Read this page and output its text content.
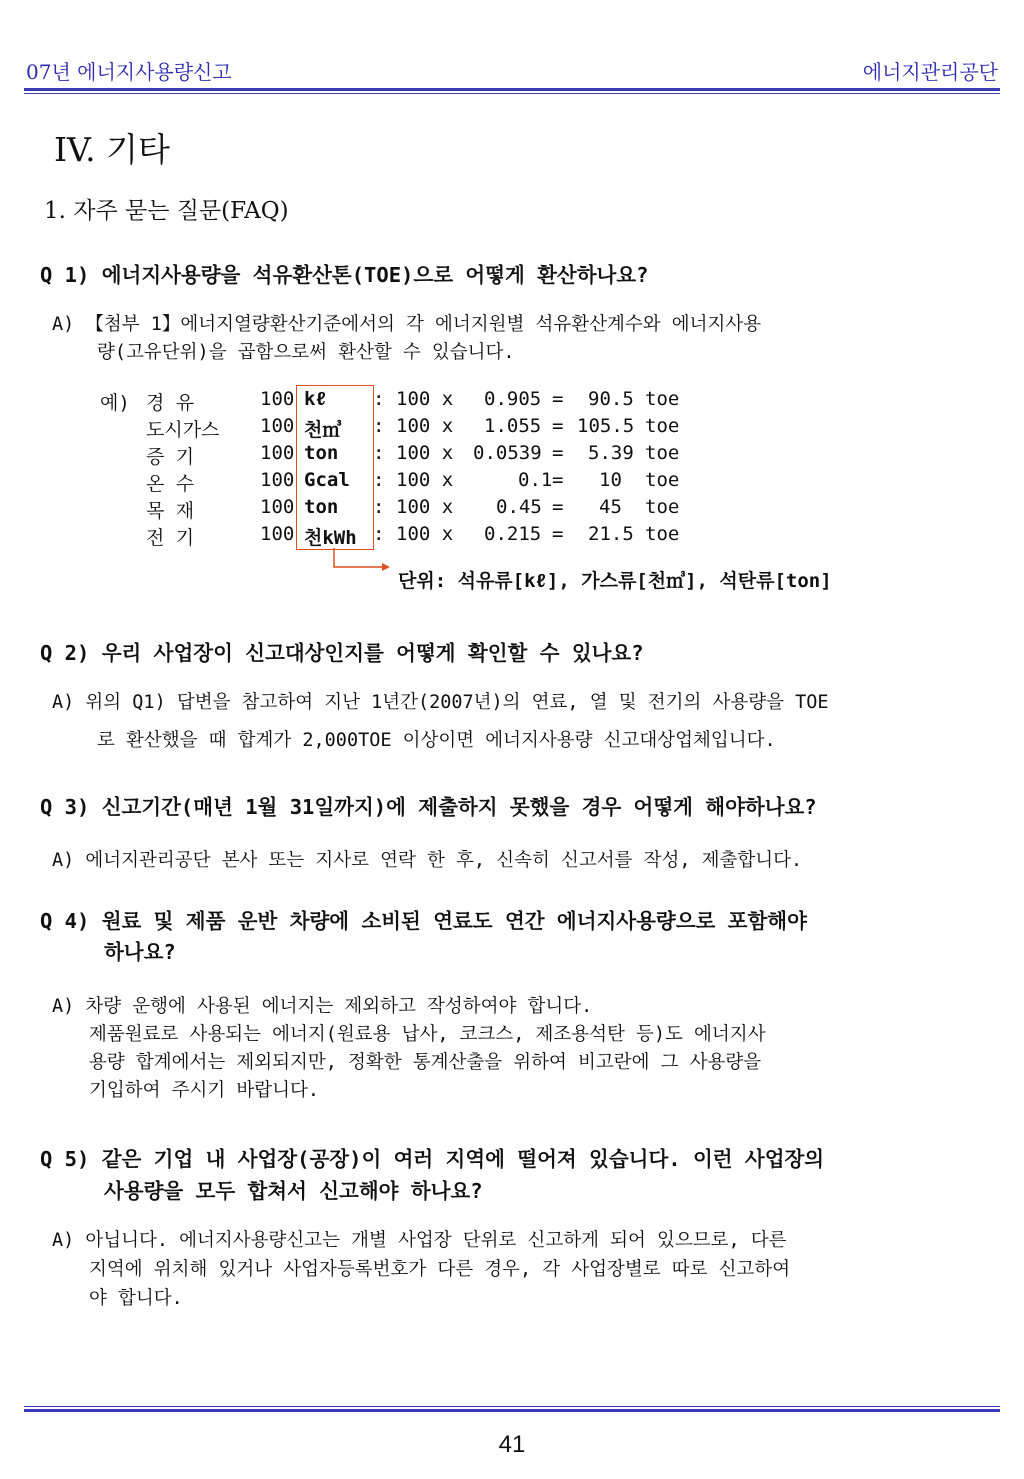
07년 에너지사용량신고	에너지관리공단
IV. 기타
1. 자주 묻는 질문(FAQ)
Q 1) 에너지사용량을 석유환산톤(TOE)으로 어떻게 환산하나요?
A) 【첨부 1】에너지열량환산기준에서의 각 에너지원별 석유환산계수와 에너지사용
량(고유단위)을 곱함으로써 환산할 수 있습니다.
예) 경 유	100 kℓ : 100 x 0.905 = 90.5 toe
도시가스 100 천㎥ : 100 x 1.055 = 105.5 toe
증 기	100 ton : 100 x 0.0539 = 5.39 toe
온 수	100 Gcal : 100 x	0.1 = 10 toe
목 재	100 ton : 100 x 0.45 = 45 toe
전 기	100 천kWh : 100 x 0.215 = 21.5 toe
단위: 석유류[kℓ], 가스류[천㎥], 석탄류[ton]
Q 2) 우리 사업장이 신고대상인지를 어떻게 확인할 수 있나요?
A) 위의 Q1) 답변을 참고하여 지난 1년간(2007년)의 연료, 열 및 전기의 사용량을 TOE
로 환산했을 때 합계가 2,000TOE 이상이면 에너지사용량 신고대상업체입니다.
Q 3) 신고기간(매년 1월 31일까지)에 제출하지 못했을 경우 어떻게 해야하나요?
A) 에너지관리공단 본사 또는 지사로 연락 한 후, 신속히 신고서를 작성, 제출합니다.
Q 4) 원료 및 제품 운반 차량에 소비된 연료도 연간 에너지사용량으로 포함해야
하나요?
A) 차량 운행에 사용된 에너지는 제외하고 작성하여야 합니다.
제품원료로 사용되는 에너지(원료용 납사, 코크스, 제조용석탄 등)도 에너지사
용량 합계에서는 제외되지만, 정확한 통계산출을 위하여 비고란에 그 사용량을
기입하여 주시기 바랍니다.
Q 5) 같은 기업 내 사업장(공장)이 여러 지역에 떨어져 있습니다. 이런 사업장의
사용량을 모두 합쳐서 신고해야 하나요?
A) 아닙니다. 에너지사용량신고는 개별 사업장 단위로 신고하게 되어 있으므로, 다른
지역에 위치해 있거나 사업자등록번호가 다른 경우, 각 사업장별로 따로 신고하여
야 합니다.
41
